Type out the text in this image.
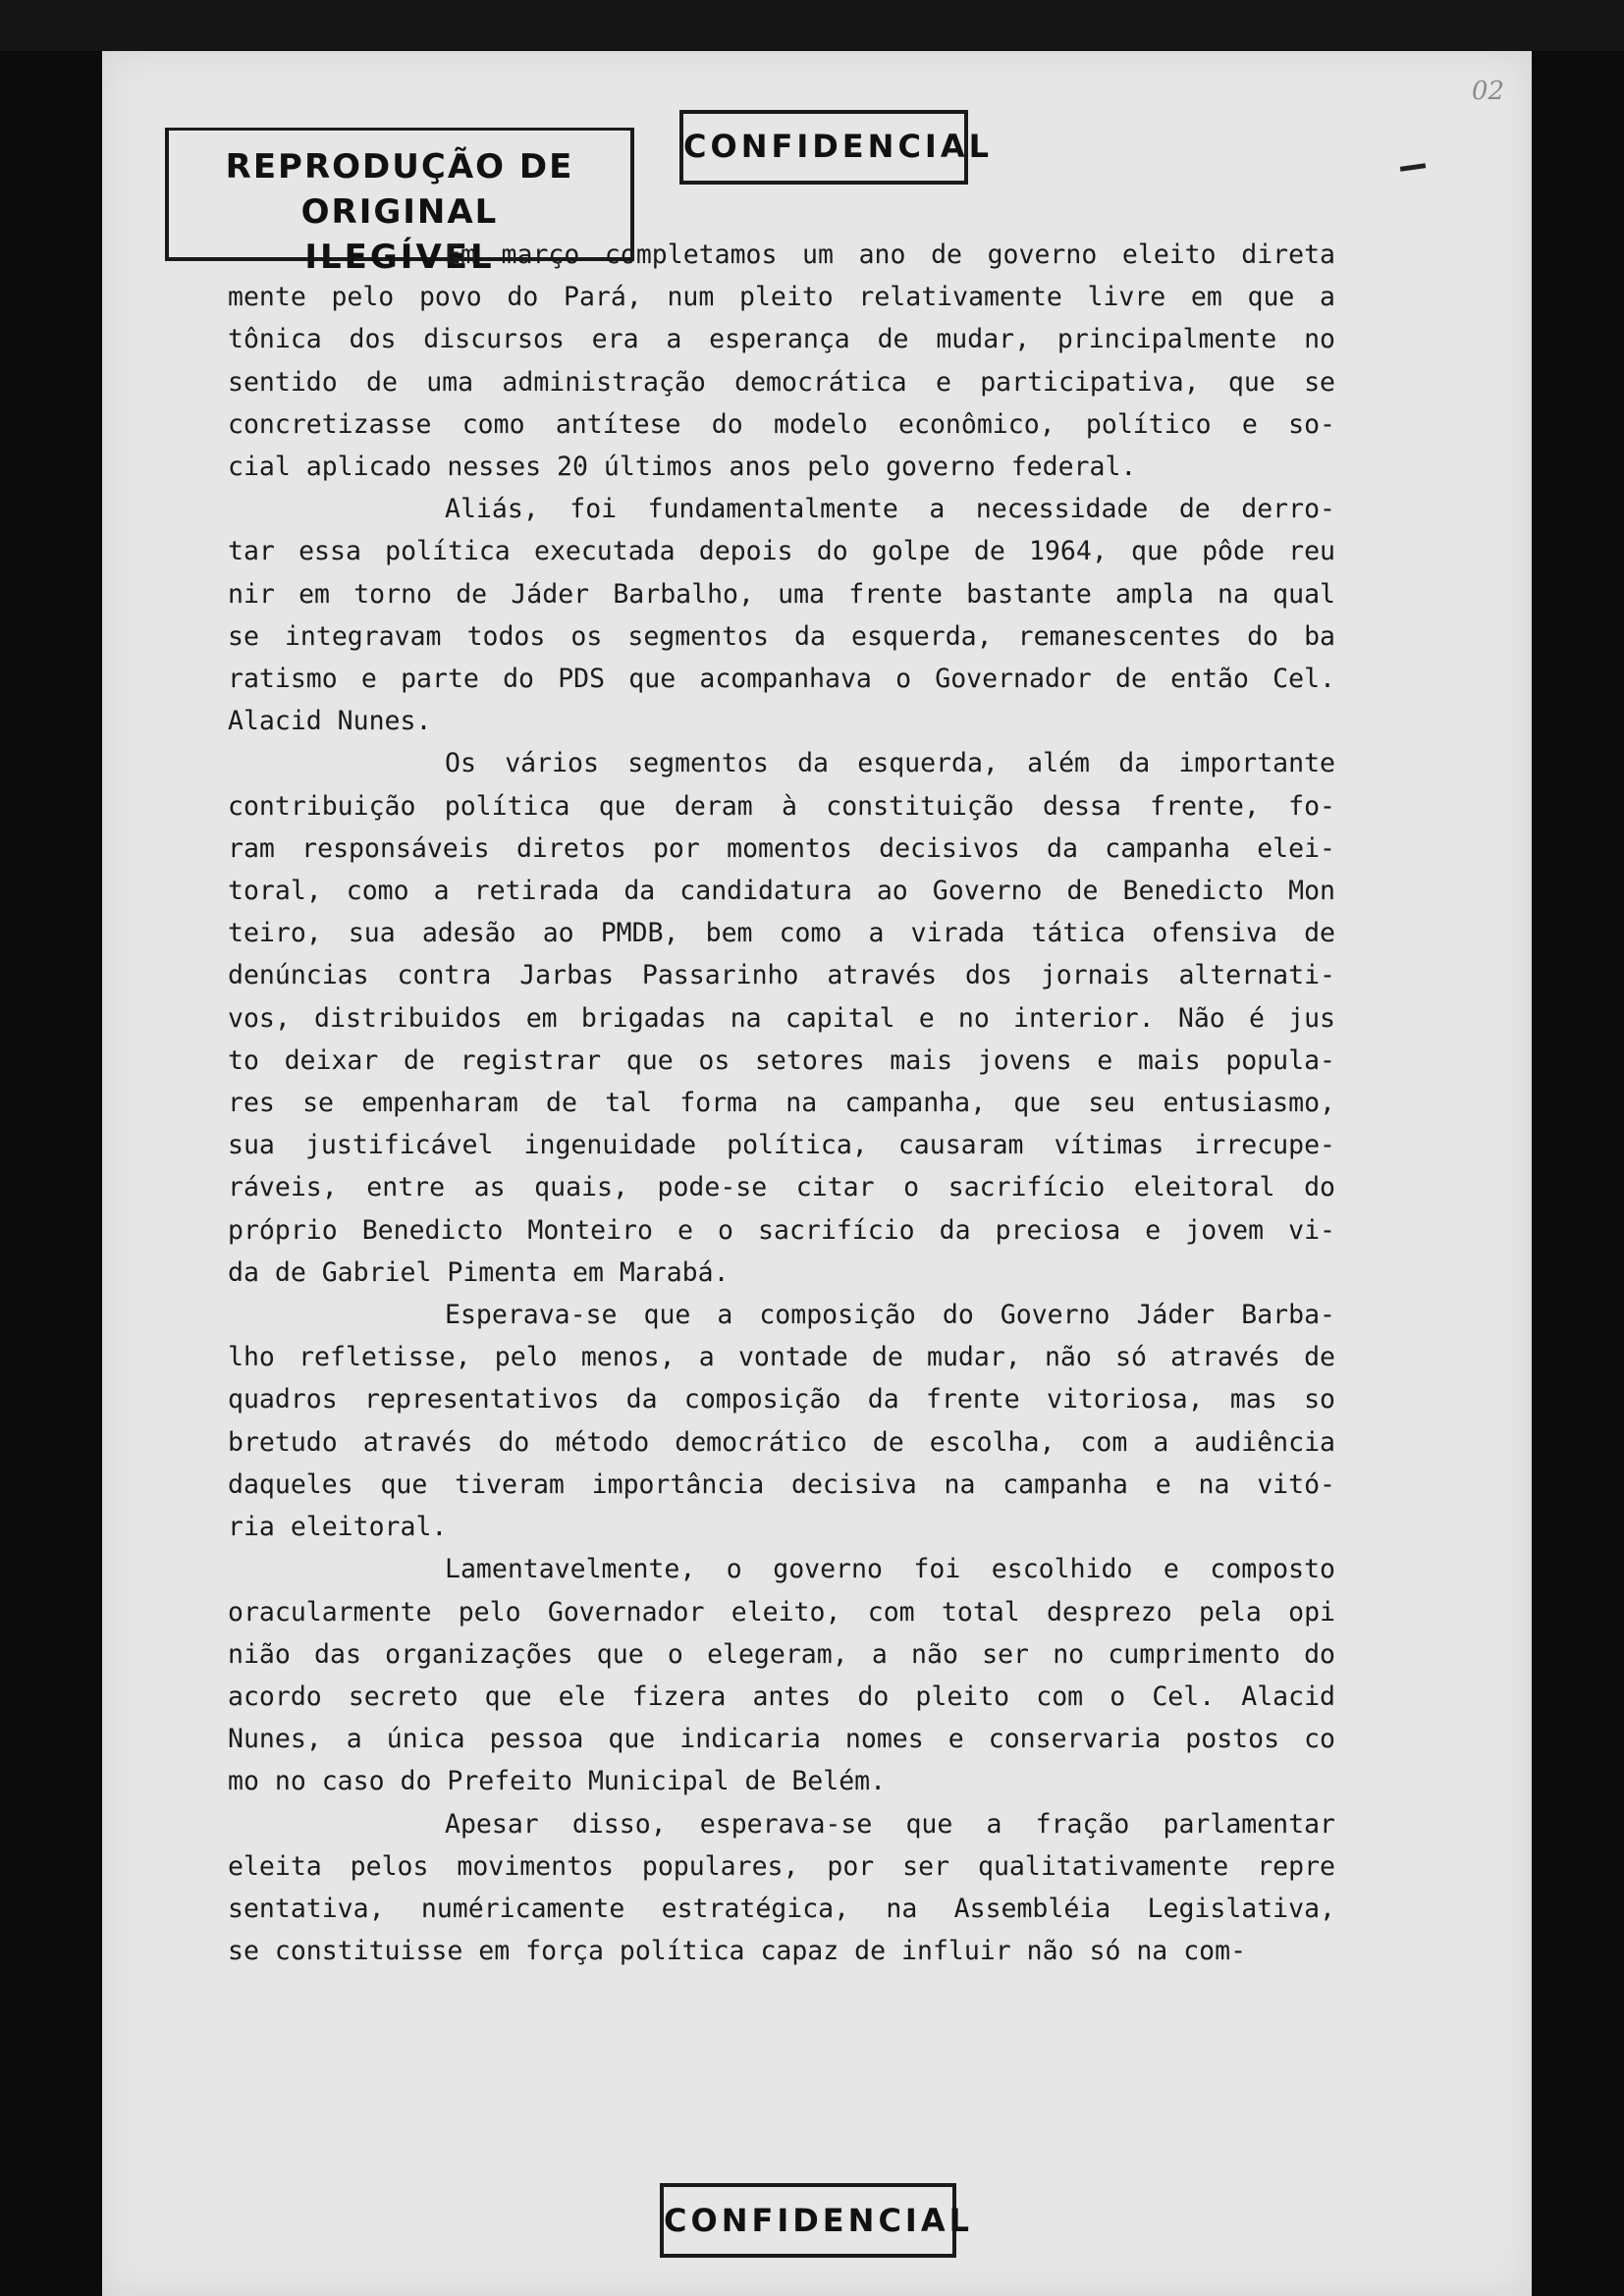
02
REPRODUÇÃO DE ORIGINAL
ILEGÍVEL
CONFIDENCIAL
CONFIDENCIAL
Em março completamos um ano de governo eleito direta
mente pelo povo do Pará, num pleito relativamente livre em que a
tônica dos discursos era a esperança de mudar, principalmente no
sentido de uma administração democrática e participativa, que se
concretizasse como antítese do modelo econômico, político e so-
cial aplicado nesses 20 últimos anos pelo governo federal.
Aliás, foi fundamentalmente a necessidade de derro-
tar essa política executada depois do golpe de 1964, que pôde reu
nir em torno de Jáder Barbalho, uma frente bastante ampla na qual
se integravam todos os segmentos da esquerda, remanescentes do ba
ratismo e parte do PDS que acompanhava o Governador de então Cel.
Alacid Nunes.
Os vários segmentos da esquerda, além da importante
contribuição política que deram à constituição dessa frente, fo-
ram responsáveis diretos por momentos decisivos da campanha elei-
toral, como a retirada da candidatura ao Governo de Benedicto Mon
teiro, sua adesão ao PMDB, bem como a virada tática ofensiva de
denúncias contra Jarbas Passarinho através dos jornais alternati-
vos, distribuidos em brigadas na capital e no interior. Não é jus
to deixar de registrar que os setores mais jovens e mais popula-
res se empenharam de tal forma na campanha, que seu entusiasmo,
sua justificável ingenuidade política, causaram vítimas irrecupe-
ráveis, entre as quais, pode-se citar o sacrifício eleitoral do
próprio Benedicto Monteiro e o sacrifício da preciosa e jovem vi-
da de Gabriel Pimenta em Marabá.
Esperava-se que a composição do Governo Jáder Barba-
lho refletisse, pelo menos, a vontade de mudar, não só através de
quadros representativos da composição da frente vitoriosa, mas so
bretudo através do método democrático de escolha, com a audiência
daqueles que tiveram importância decisiva na campanha e na vitó-
ria eleitoral.
Lamentavelmente, o governo foi escolhido e composto
oracularmente pelo Governador eleito, com total desprezo pela opi
nião das organizações que o elegeram, a não ser no cumprimento do
acordo secreto que ele fizera antes do pleito com o Cel. Alacid
Nunes, a única pessoa que indicaria nomes e conservaria postos co
mo no caso do Prefeito Municipal de Belém.
Apesar disso, esperava-se que a fração parlamentar
eleita pelos movimentos populares, por ser qualitativamente repre
sentativa, numéricamente estratégica, na Assembléia Legislativa,
se constituisse em força política capaz de influir não só na com-
